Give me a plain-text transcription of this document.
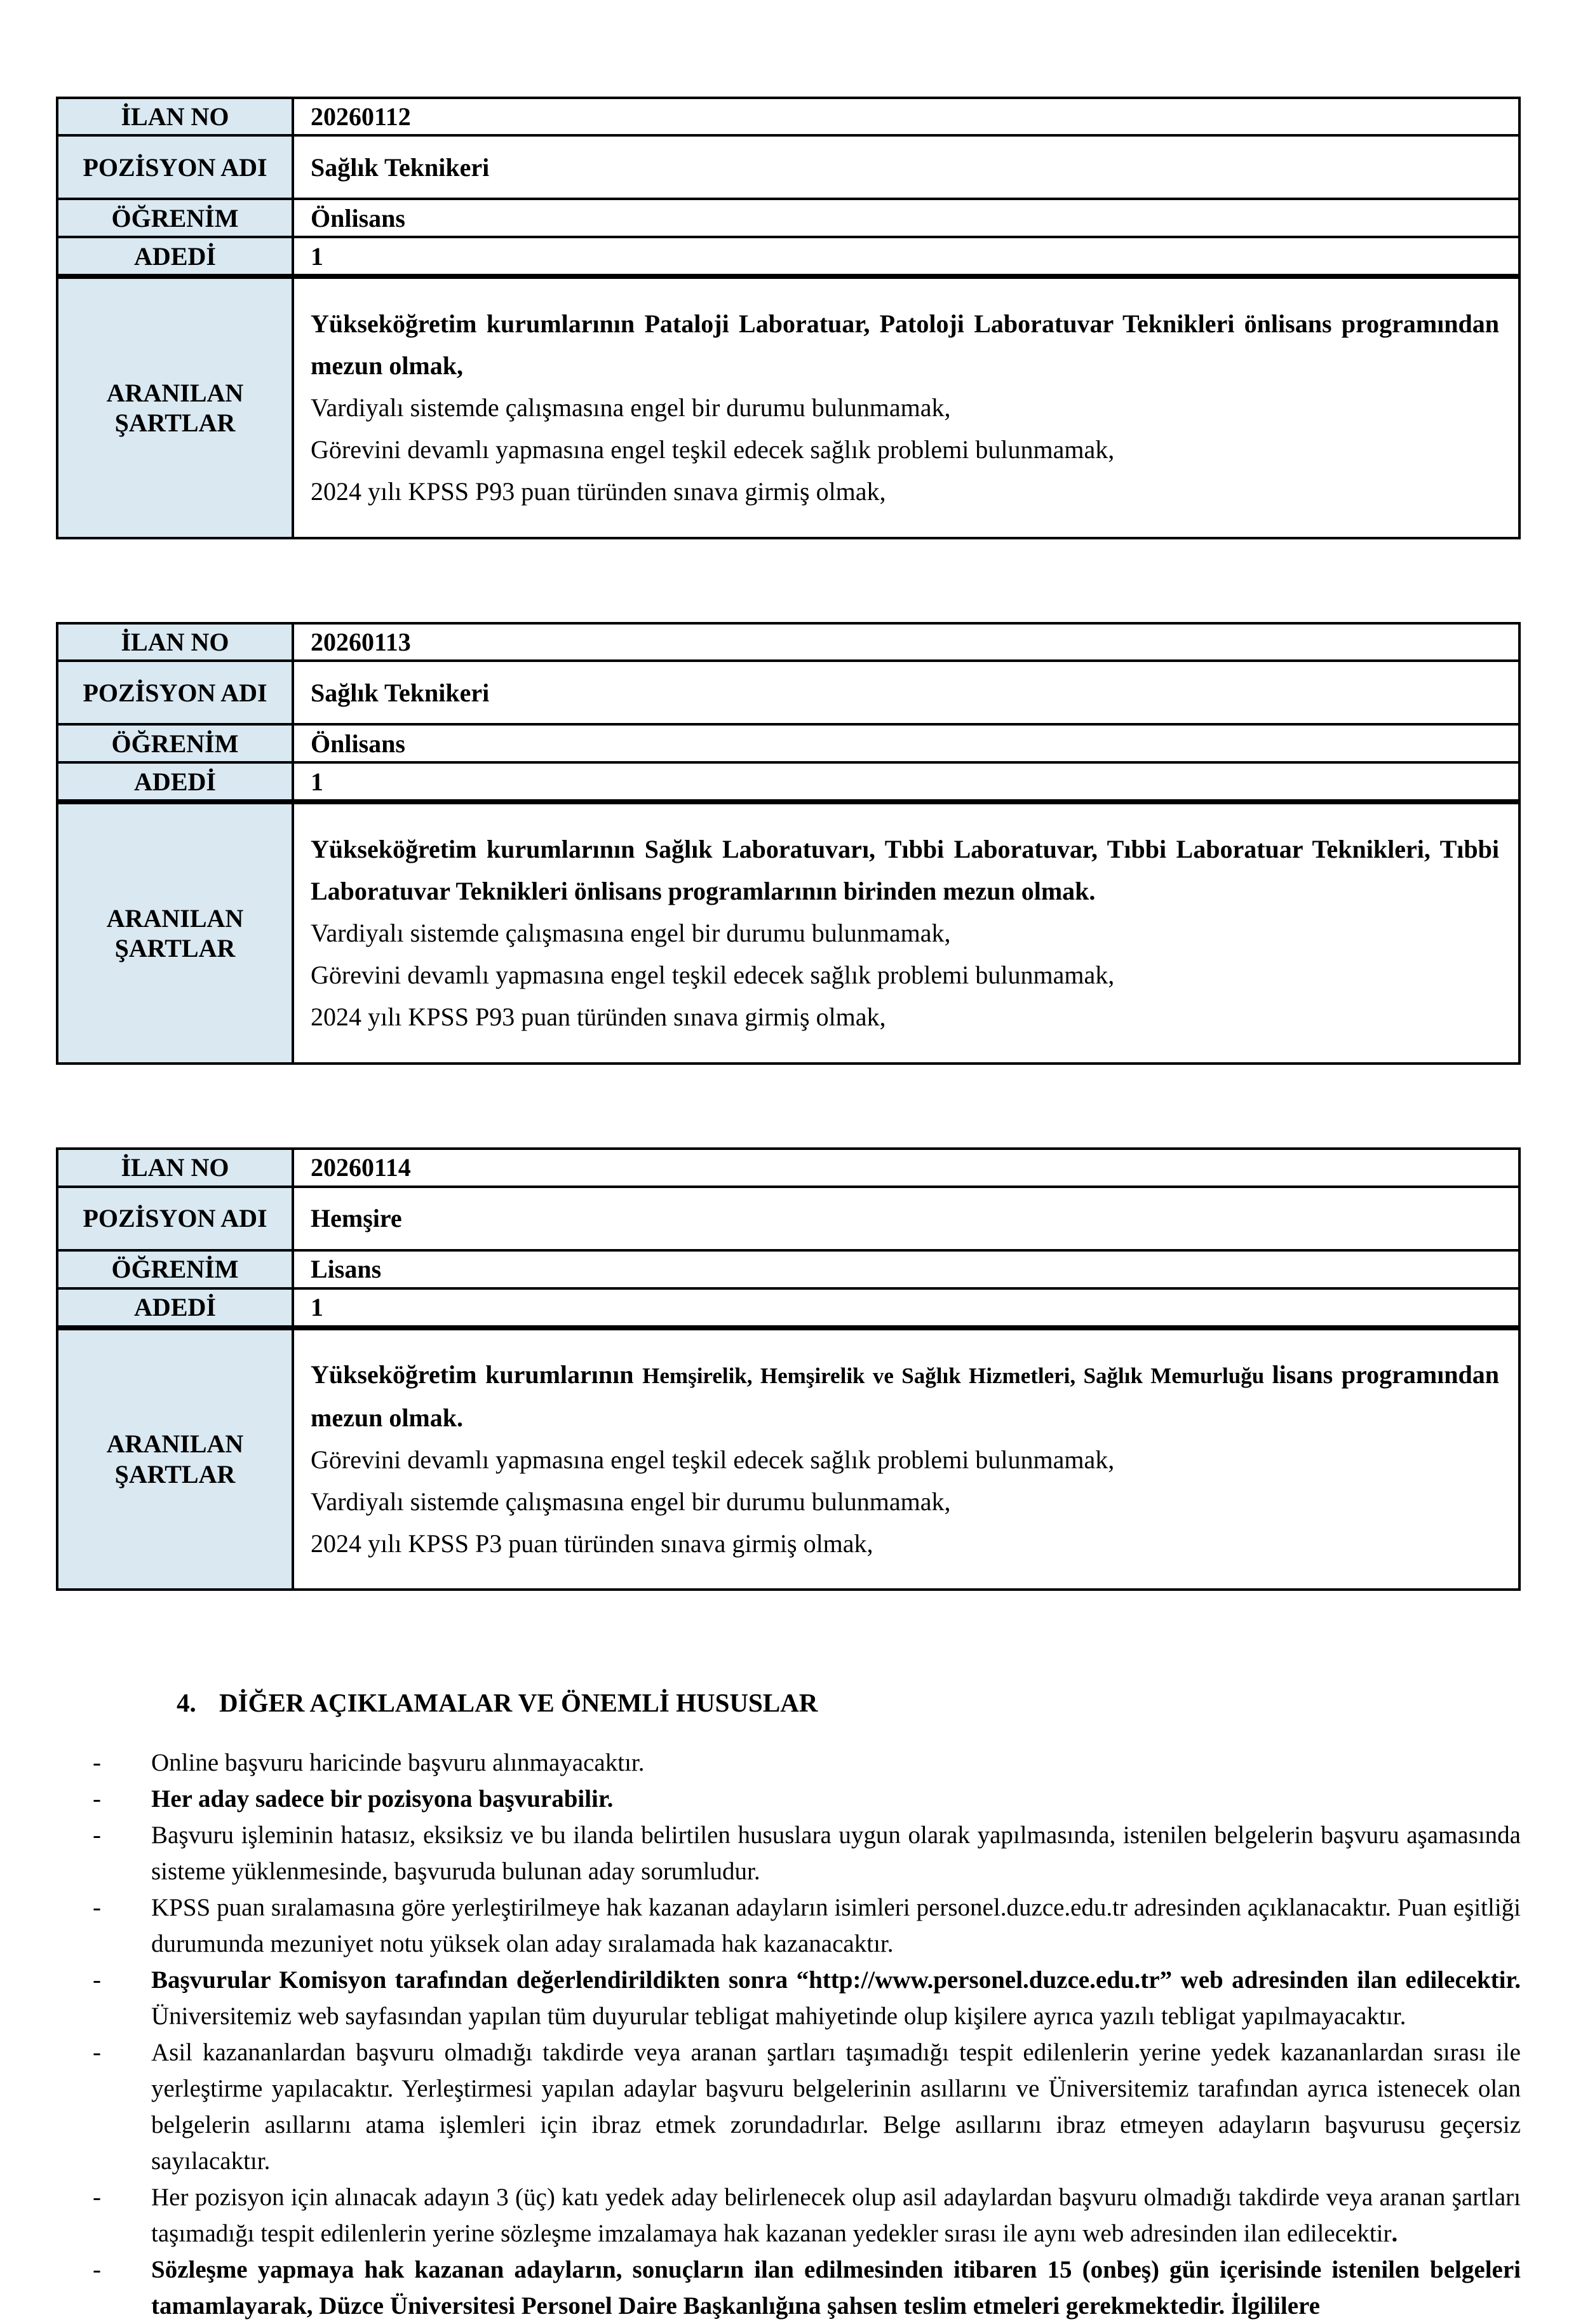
İLAN NO	20260112
POZİSYON ADI	Sağlık Teknikeri
ÖĞRENİM	Önlisans
ADEDİ	1
ARANILAN ŞARTLAR	Yükseköğretim kurumlarının Pataloji Laboratuar, Patoloji Laboratuvar Teknikleri önlisans programından mezun olmak,
Vardiyalı sistemde çalışmasına engel bir durumu bulunmamak,
Görevini devamlı yapmasına engel teşkil edecek sağlık problemi bulunmamak,
2024 yılı KPSS P93 puan türünden sınava girmiş olmak,
İLAN NO	20260113
POZİSYON ADI	Sağlık Teknikeri
ÖĞRENİM	Önlisans
ADEDİ	1
ARANILAN ŞARTLAR	Yükseköğretim kurumlarının Sağlık Laboratuvarı, Tıbbi Laboratuvar, Tıbbi Laboratuar Teknikleri, Tıbbi Laboratuvar Teknikleri önlisans programlarının birinden mezun olmak.
Vardiyalı sistemde çalışmasına engel bir durumu bulunmamak,
Görevini devamlı yapmasına engel teşkil edecek sağlık problemi bulunmamak,
2024 yılı KPSS P93 puan türünden sınava girmiş olmak,
İLAN NO	20260114
POZİSYON ADI	Hemşire
ÖĞRENİM	Lisans
ADEDİ	1
ARANILAN ŞARTLAR	Yükseköğretim kurumlarının Hemşirelik, Hemşirelik ve Sağlık Hizmetleri, Sağlık Memurluğu lisans programından mezun olmak.
Görevini devamlı yapmasına engel teşkil edecek sağlık problemi bulunmamak,
Vardiyalı sistemde çalışmasına engel bir durumu bulunmamak,
2024 yılı KPSS P3 puan türünden sınava girmiş olmak,
4. DİĞER AÇIKLAMALAR VE ÖNEMLİ HUSUSLAR
- Online başvuru haricinde başvuru alınmayacaktır.
- Her aday sadece bir pozisyona başvurabilir.
- Başvuru işleminin hatasız, eksiksiz ve bu ilanda belirtilen hususlara uygun olarak yapılmasında, istenilen belgelerin başvuru aşamasında sisteme yüklenmesinde, başvuruda bulunan aday sorumludur.
- KPSS puan sıralamasına göre yerleştirilmeye hak kazanan adayların isimleri personel.duzce.edu.tr adresinden açıklanacaktır. Puan eşitliği durumunda mezuniyet notu yüksek olan aday sıralamada hak kazanacaktır.
- Başvurular Komisyon tarafından değerlendirildikten sonra “http://www.personel.duzce.edu.tr” web adresinden ilan edilecektir. Üniversitemiz web sayfasından yapılan tüm duyurular tebligat mahiyetinde olup kişilere ayrıca yazılı tebligat yapılmayacaktır.
- Asil kazananlardan başvuru olmadığı takdirde veya aranan şartları taşımadığı tespit edilenlerin yerine yedek kazananlardan sırası ile yerleştirme yapılacaktır. Yerleştirmesi yapılan adaylar başvuru belgelerinin asıllarını ve Üniversitemiz tarafından ayrıca istenecek olan belgelerin asıllarını atama işlemleri için ibraz etmek zorundadırlar. Belge asıllarını ibraz etmeyen adayların başvurusu geçersiz sayılacaktır.
- Her pozisyon için alınacak adayın 3 (üç) katı yedek aday belirlenecek olup asil adaylardan başvuru olmadığı takdirde veya aranan şartları taşımadığı tespit edilenlerin yerine sözleşme imzalamaya hak kazanan yedekler sırası ile aynı web adresinden ilan edilecektir.
- Sözleşme yapmaya hak kazanan adayların, sonuçların ilan edilmesinden itibaren 15 (onbeş) gün içerisinde istenilen belgeleri tamamlayarak, Düzce Üniversitesi Personel Daire Başkanlığına şahsen teslim etmeleri gerekmektedir. İlgililere
